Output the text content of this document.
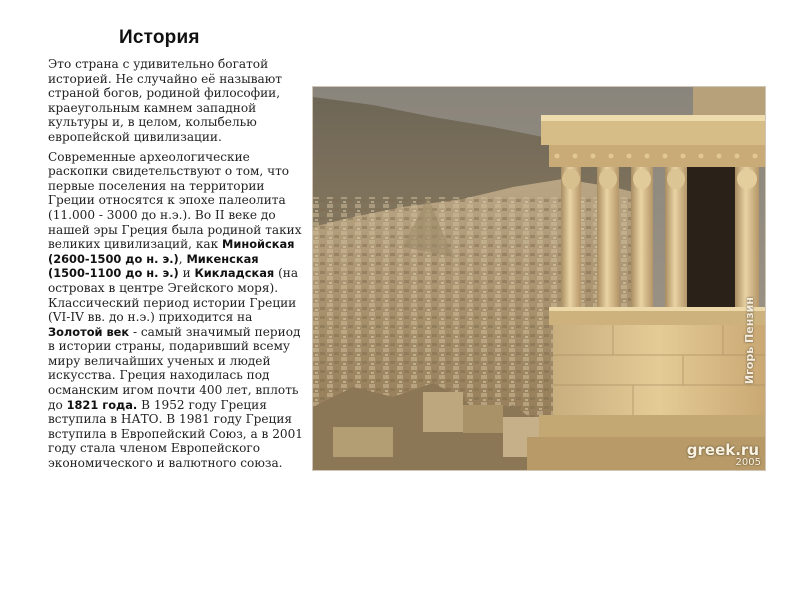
История

Это страна с удивительно богатой историей. Не случайно её называют страной богов, родиной философии, краеугольным камнем западной культуры и, в целом, колыбелью европейской цивилизации.

Современные археологические раскопки свидетельствуют о том, что первые поселения на территории Греции относятся к эпохе палеолита (11.000 - 3000 до н.э.). Во II веке до нашей эры Греция была родиной таких великих цивилизаций, как Минойская (2600-1500 до н. э.), Микенская (1500-1100 до н. э.) и Кикладская (на островах в центре Эгейского моря). Классический период истории Греции (VI-IV вв. до н.э.) приходится на Золотой век - самый значимый период в истории страны, подаривший всему миру величайших ученых и людей искусства. Греция находилась под османским игом почти 400 лет, вплоть до 1821 года. В 1952 году Греция вступила в НАТО. В 1981 году Греция вступила в Европейский Союз, а в 2001 году стала членом Европейского экономического и валютного союза.

Игорь Пензин
greek.ru
2005
